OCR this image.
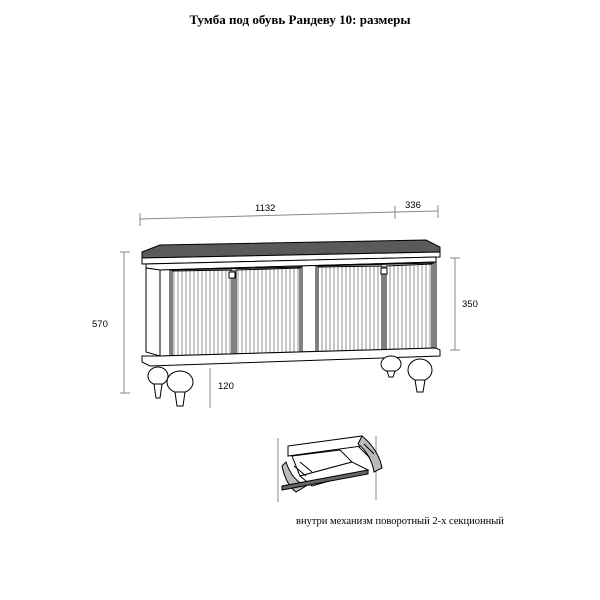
Тумба под обувь Рандеву 10: размеры
1132	336
570
350
120
внутри механизм поворотный 2-х секционный
